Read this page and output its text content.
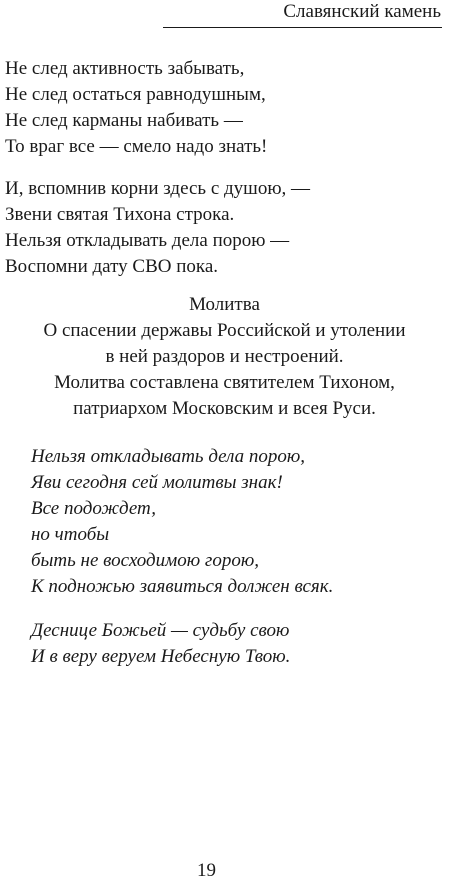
Славянский камень
Не след активность забывать,
Не след остаться равнодушным,
Не след карманы набивать —
То враг все — смело надо знать!
И, вспомнив корни здесь с душою, —
Звени святая Тихона строка.
Нельзя откладывать дела порою —
Воспомни дату СВО пока.
Молитва
О спасении державы Российской и утолении
в ней раздоров и нестроений.
Молитва составлена святителем Тихоном,
патриархом Московским и всея Руси.
Нельзя откладывать дела порою,
Яви сегодня сей молитвы знак!
Все подождет,
но чтобы
быть не восходимою горою,
К подножью заявиться должен всяк.
Деснице Божьей — судьбу свою
И в веру веруем Небесную Твою.
19
